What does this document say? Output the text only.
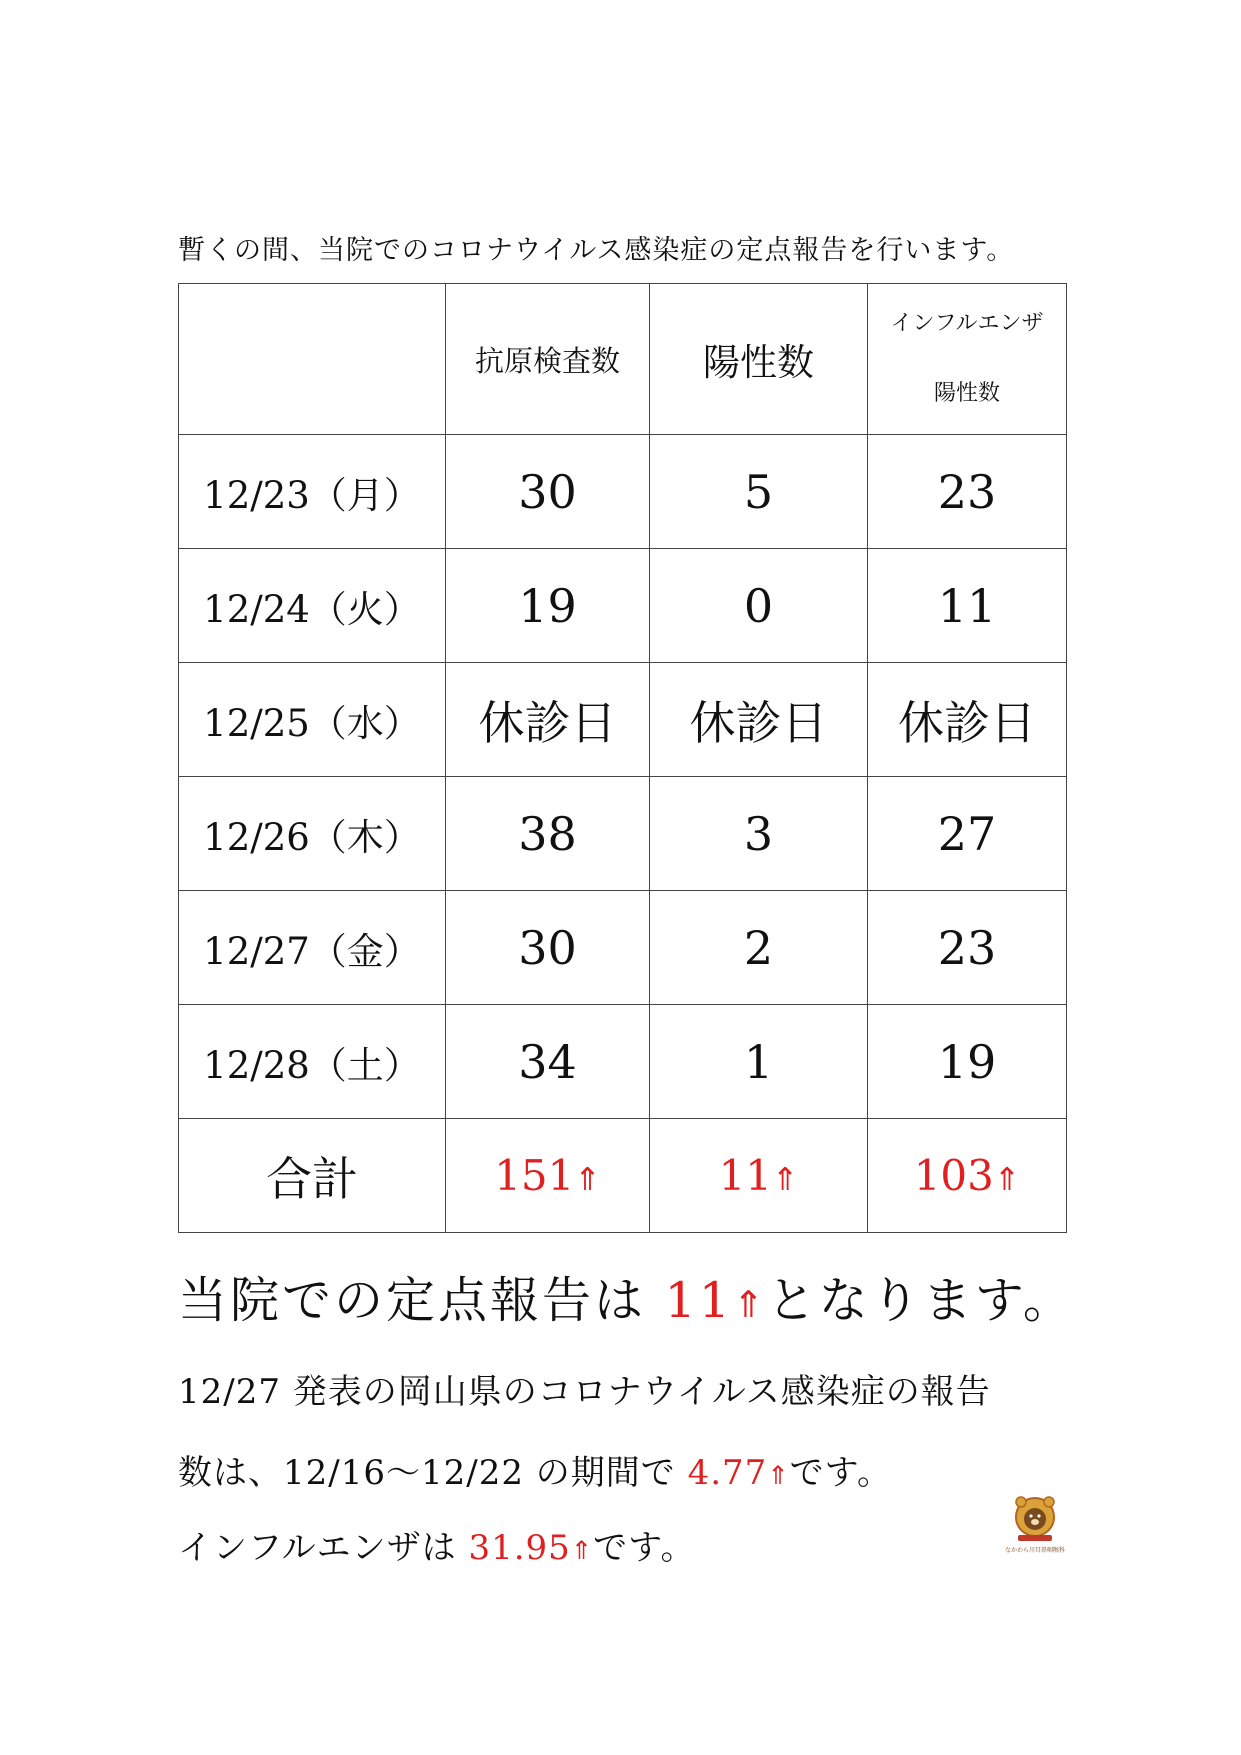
暫くの間、当院でのコロナウイルス感染症の定点報告を行います。
	抗原検査数	陽性数	インフルエンザ
陽性数

12/23（月）	30	5	23
12/24（火）	19	0	11
12/25（水）	休診日	休診日	休診日
12/26（木）	38	3	27
12/27（金）	30	2	23
12/28（土）	34	1	19
合計	151⇑	11⇑	103⇑
当院での定点報告は 11⇑となります。
12/27 発表の岡山県のコロナウイルス感染症の報告
数は、12/16～12/22 の期間で 4.77⇑です。
インフルエンザは 31.95⇑です。	なかわら川耳鼻咽喉科
